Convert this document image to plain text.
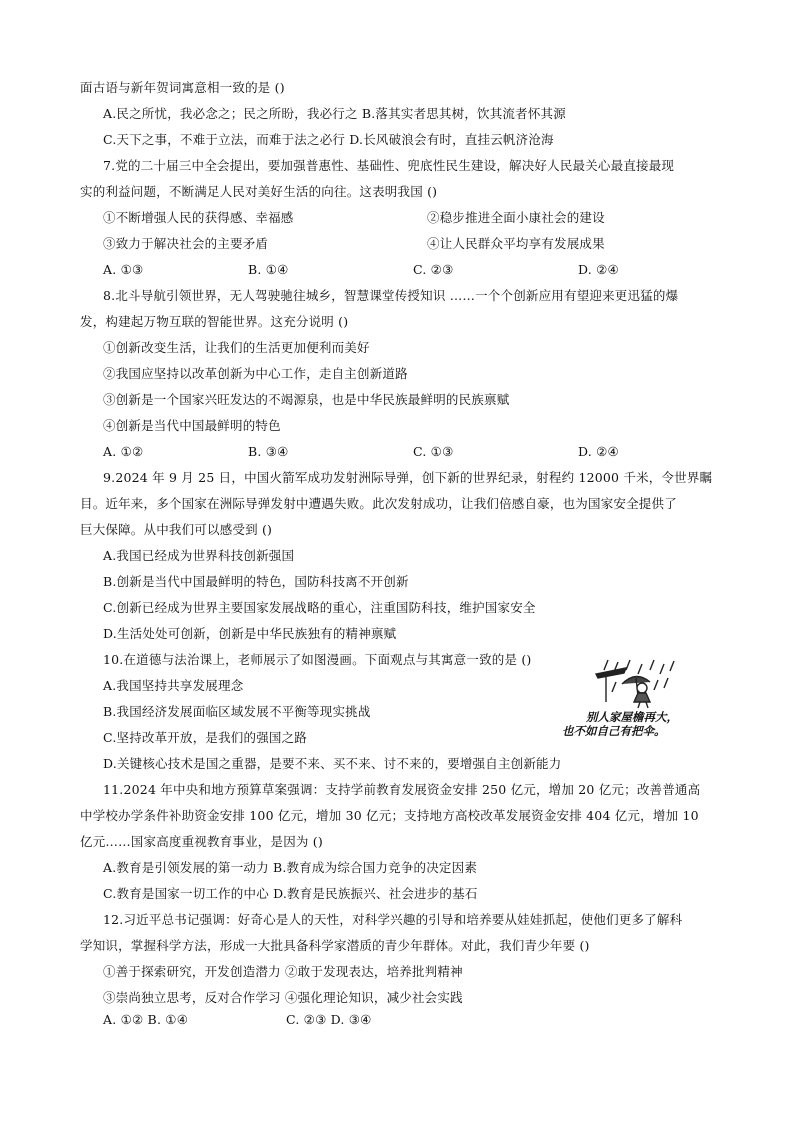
面古语与新年贺词寓意相一致的是 ()
A.民之所忧，我必念之；民之所盼，我必行之 B.落其实者思其树，饮其流者怀其源
C.天下之事，不难于立法，而难于法之必行 D.长风破浪会有时，直挂云帆济沧海
7.党的二十届三中全会提出，要加强普惠性、基础性、兜底性民生建设，解决好人民最关心最直接最现
实的利益问题，不断满足人民对美好生活的向往。这表明我国 ()
①不断增强人民的获得感、幸福感	②稳步推进全面小康社会的建设
③致力于解决社会的主要矛盾	④让人民群众平均享有发展成果
A. ①③	B. ①④	C. ②③	D. ②④
8.北斗导航引领世界，无人驾驶驰往城乡，智慧课堂传授知识 ……一个个创新应用有望迎来更迅猛的爆
发，构建起万物互联的智能世界。这充分说明 ()
①创新改变生活，让我们的生活更加便利而美好
②我国应坚持以改革创新为中心工作，走自主创新道路
③创新是一个国家兴旺发达的不竭源泉，也是中华民族最鲜明的民族禀赋
④创新是当代中国最鲜明的特色
A. ①②	B. ③④	C. ①③	D. ②④
9.2024 年 9 月 25 日，中国火箭军成功发射洲际导弹，创下新的世界纪录，射程约 12000 千米，令世界瞩
目。近年来，多个国家在洲际导弹发射中遭遇失败。此次发射成功，让我们倍感自豪，也为国家安全提供了
巨大保障。从中我们可以感受到 ()
A.我国已经成为世界科技创新强国
B.创新是当代中国最鲜明的特色，国防科技离不开创新
C.创新已经成为世界主要国家发展战略的重心，注重国防科技，维护国家安全
D.生活处处可创新，创新是中华民族独有的精神禀赋
10.在道德与法治课上，老师展示了如图漫画。下面观点与其寓意一致的是 ()
A.我国坚持共享发展理念
B.我国经济发展面临区域发展不平衡等现实挑战
C.坚持改革开放，是我们的强国之路
D.关键核心技术是国之重器，是要不来、买不来、讨不来的，要增强自主创新能力
11.2024 年中央和地方预算草案强调：支持学前教育发展资金安排 250 亿元，增加 20 亿元；改善普通高
中学校办学条件补助资金安排 100 亿元，增加 30 亿元；支持地方高校改革发展资金安排 404 亿元，增加 10
亿元……国家高度重视教育事业，是因为 ()
A.教育是引领发展的第一动力 B.教育成为综合国力竞争的决定因素
C.教育是国家一切工作的中心 D.教育是民族振兴、社会进步的基石
12.习近平总书记强调：好奇心是人的天性，对科学兴趣的引导和培养要从娃娃抓起，使他们更多了解科
学知识，掌握科学方法，形成一大批具备科学家潜质的青少年群体。对此，我们青少年要 ()
①善于探索研究，开发创造潜力 ②敢于发现表达，培养批判精神
③崇尚独立思考，反对合作学习 ④强化理论知识，减少社会实践
A. ①② B. ①④	C. ②③ D. ③④
别人家屋檐再大，
也不如自己有把伞。
